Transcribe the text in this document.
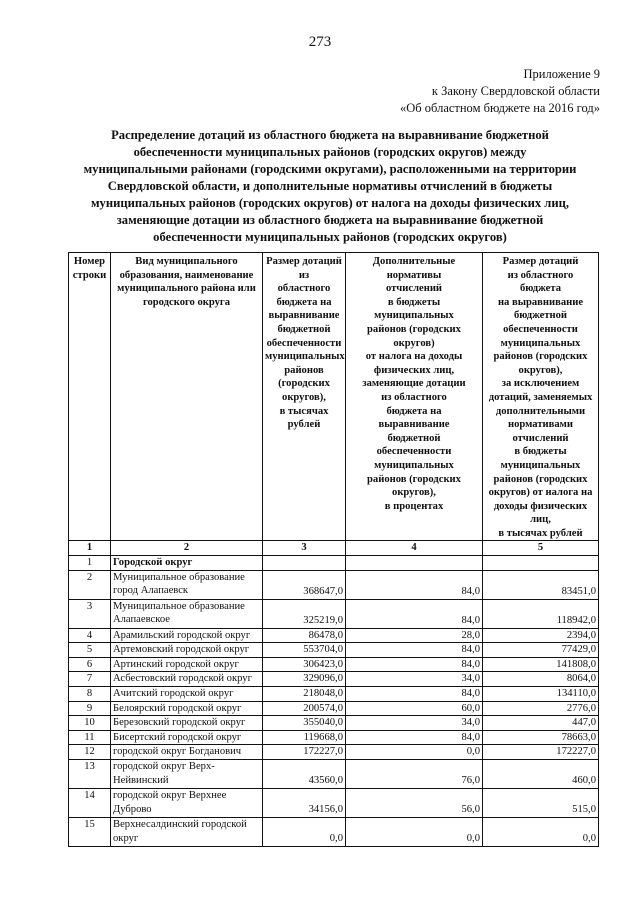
273
Приложение 9
к Закону Свердловской области
«Об областном бюджете на 2016 год»
Распределение дотаций из областного бюджета на выравнивание бюджетной
обеспеченности муниципальных районов (городских округов) между
муниципальными районами (городскими округами), расположенными на территории
Свердловской области, и дополнительные нормативы отчислений в бюджеты
муниципальных районов (городских округов) от налога на доходы физических лиц,
заменяющие дотации из областного бюджета на выравнивание бюджетной
обеспеченности муниципальных районов (городских округов)
Номер
строки

Вид муниципального
образования, наименование
муниципального района или
городского округа

Размер дотаций из
областного
бюджета на
выравнивание
бюджетной
обеспеченности
муниципальных
районов
(городских
округов),
в тысячах рублей

Дополнительные
нормативы
отчислений
в бюджеты
муниципальных
районов (городских
округов)
от налога на доходы
физических лиц,
заменяющие дотации
из областного
бюджета на
выравнивание
бюджетной
обеспеченности
муниципальных
районов (городских
округов),
в процентах

Размер дотаций
из областного
бюджета
на выравнивание
бюджетной
обеспеченности
муниципальных
районов (городских
округов),
за исключением
дотаций, заменяемых
дополнительными
нормативами
отчислений
в бюджеты
муниципальных
районов (городских
округов) от налога на
доходы физических
лиц,
в тысячах рублей

1	2	3	4	5
1	Городской округ			

2	Муниципальное образование
город Алапаевск	368647,0	84,0	83451,0
3	Муниципальное образование
Алапаевское	325219,0	84,0	118942,0
4	Арамильский городской округ	86478,0	28,0	2394,0
5	Артемовский городской округ	553704,0	84,0	77429,0
6	Артинский городской округ	306423,0	84,0	141808,0
7	Асбестовский городской округ	329096,0	34,0	8064,0
8	Ачитский городской округ	218048,0	84,0	134110,0
9	Белоярский городской округ	200574,0	60,0	2776,0
10	Березовский городской округ	355040,0	34,0	447,0
11	Бисертский городской округ	119668,0	84,0	78663,0
12	городской округ Богданович	172227,0	0,0	172227,0
13	городской округ Верх-
Нейвинский	43560,0	76,0	460,0
14	городской округ Верхнее
Дуброво	34156,0	56,0	515,0
15	Верхнесалдинский городской
округ	0,0	0,0	0,0
